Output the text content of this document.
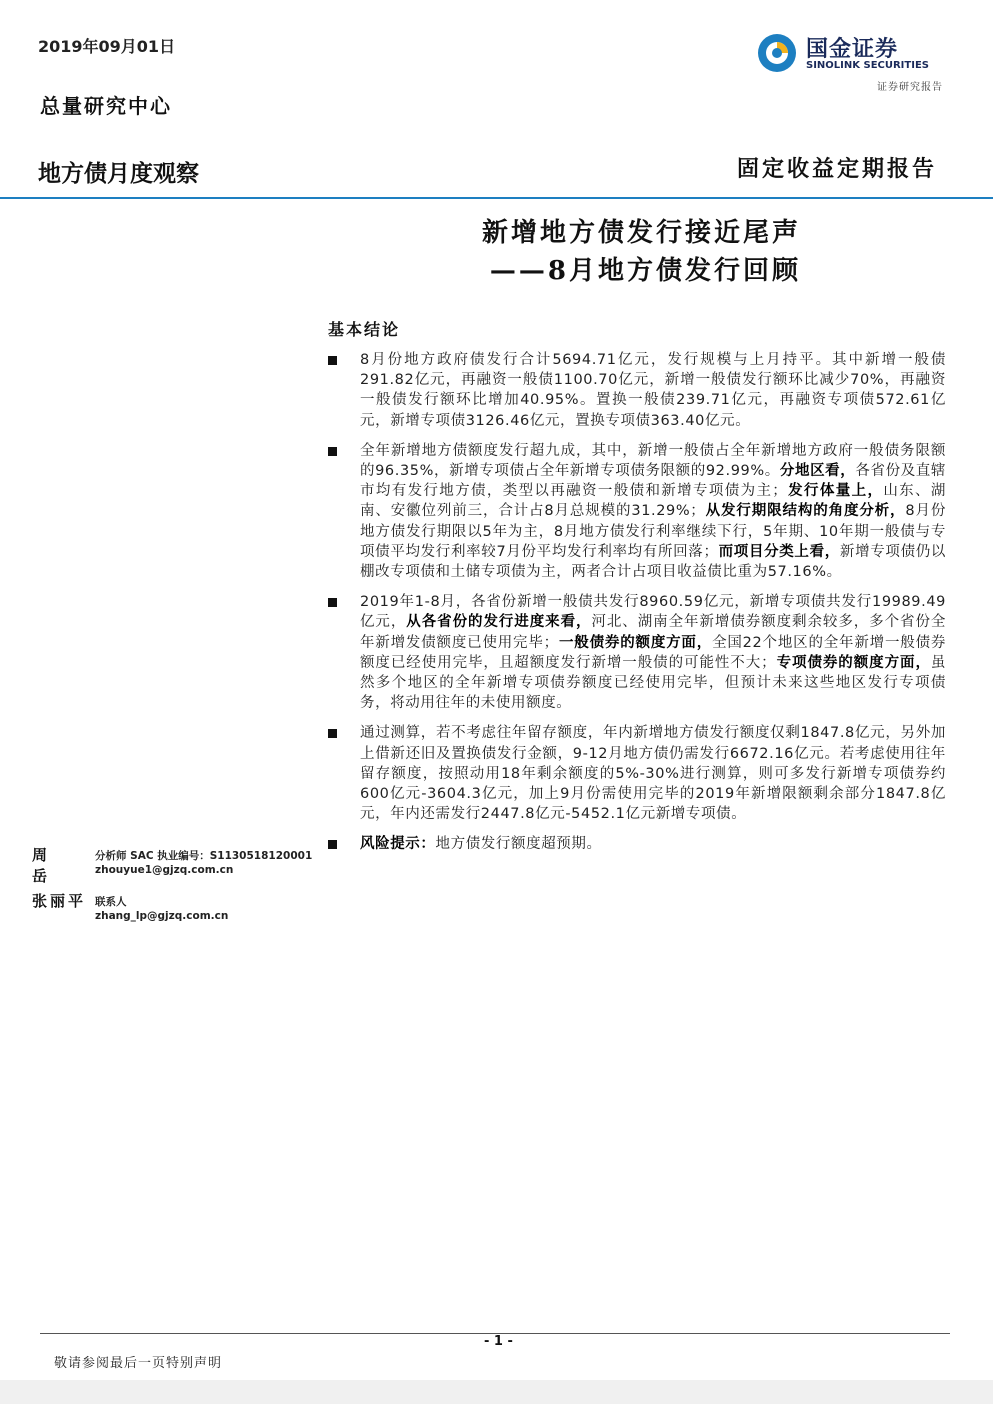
2019年09月01日
总量研究中心
国金证券
SINOLINK SECURITIES
证券研究报告
地方债月度观察	固定收益定期报告
新增地方债发行接近尾声
——8月地方债发行回顾
基本结论

8月份地方政府债发行合计5694.71亿元，发行规模与上月持平。其中新增一般债291.82亿元，再融资一般债1100.70亿元，新增一般债发行额环比减少70%，再融资一般债发行额环比增加40.95%。置换一般债239.71亿元，再融资专项债572.61亿元，新增专项债3126.46亿元，置换专项债363.40亿元。

全年新增地方债额度发行超九成，其中，新增一般债占全年新增地方政府一般债务限额的96.35%，新增专项债占全年新增专项债务限额的92.99%。分地区看，各省份及直辖市均有发行地方债，类型以再融资一般债和新增专项债为主；发行体量上，山东、湖南、安徽位列前三，合计占8月总规模的31.29%；从发行期限结构的角度分析，8月份地方债发行期限以5年为主，8月地方债发行利率继续下行，5年期、10年期一般债与专项债平均发行利率较7月份平均发行利率均有所回落；而项目分类上看，新增专项债仍以棚改专项债和土储专项债为主，两者合计占项目收益债比重为57.16%。

2019年1-8月，各省份新增一般债共发行8960.59亿元，新增专项债共发行19989.49亿元，从各省份的发行进度来看，河北、湖南全年新增债券额度剩余较多，多个省份全年新增发债额度已使用完毕；一般债券的额度方面，全国22个地区的全年新增一般债券额度已经使用完毕，且超额度发行新增一般债的可能性不大；专项债券的额度方面，虽然多个地区的全年新增专项债券额度已经使用完毕，但预计未来这些地区发行专项债务，将动用往年的未使用额度。

通过测算，若不考虑往年留存额度，年内新增地方债发行额度仅剩1847.8亿元，另外加上借新还旧及置换债发行金额，9-12月地方债仍需发行6672.16亿元。若考虑使用往年留存额度，按照动用18年剩余额度的5%-30%进行测算，则可多发行新增专项债券约600亿元-3604.3亿元，加上9月份需使用完毕的2019年新增限额剩余部分1847.8亿元，年内还需发行2447.8亿元-5452.1亿元新增专项债。

风险提示：地方债发行额度超预期。

周岳
分析师 SAC 执业编号：S1130518120001
zhouyue1@gjzq.com.cn
张丽平 联系人
zhang_lp@gjzq.com.cn
- 1 -
敬请参阅最后一页特别声明
